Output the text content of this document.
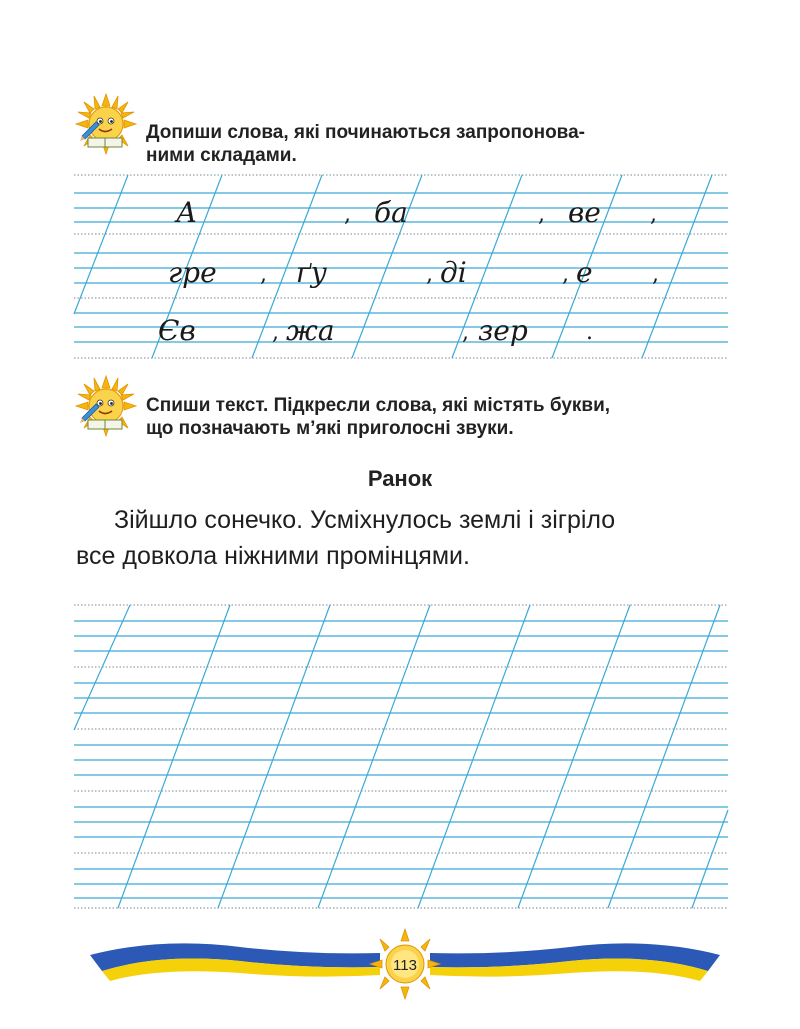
Допиши слова, які починаються запропонова-
ними складами.
А	, ба	, ве ,
гре , ґу	, ді	, е	,
Єв	, жа	, зер	.
Спиши текст. Підкресли слова, які містять букви,
що позначають м’які приголосні звуки.
Ранок
Зійшло сонечко. Усміхнулось землі і зігріло
все довкола ніжними промінцями.
113
